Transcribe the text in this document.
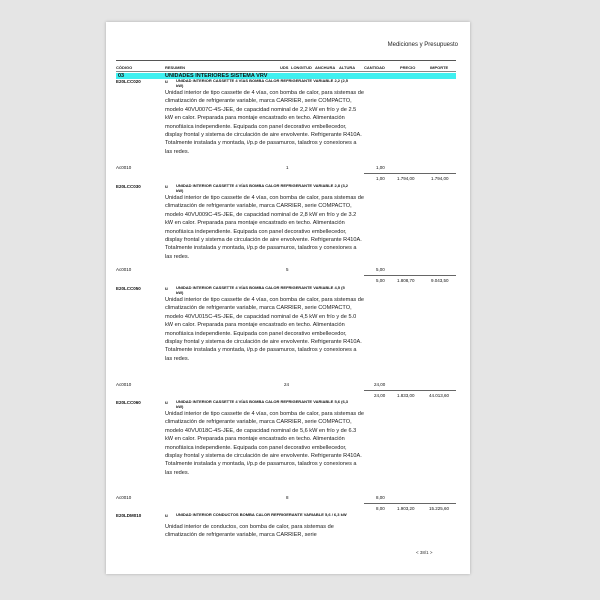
Mediciones y Presupuesto
CÓDIGO	RESUMEN	UDS LONGITUD ANCHURA ALTURA CANTIDAD	PRECIO	IMPORTE
03	UNIDADES INTERIORES SISTEMA VRV
E20LCC020	u UNIDAD INTERIOR CASSETTE 4 VÍAS BOMBA CALOR REFRIGERANTE VARIABLE 2,2 (2,5 kW)
Unidad interior de tipo cassette de 4 vías, con bomba de calor, para sistemas de climatización de refrigerante variable, marca CARRIER, serie COMPACTO, modelo 40VU007C-4S-JEE, de capacidad nominal de 2,2 kW en frío y de 2.5 kW en calor. Preparada para montaje encastrado en techo. Alimentación monofásica independiente. Equipada con panel decorativo embellecedor, display frontal y sistema de circulación de aire envolvente. Refrigerante R410A. Totalmente instalada y montada, i/p.p de pasamuros, taladros y conexiones a las redes.
Ac0010	1	1,00
1,00	1.794,00	1.794,00
E20LCC030	u UNIDAD INTERIOR CASSETTE 4 VÍAS BOMBA CALOR REFRIGERANTE VARIABLE 2,8 (3,2 kW)
Unidad interior de tipo cassette de 4 vías, con bomba de calor, para sistemas de climatización de refrigerante variable, marca CARRIER, serie COMPACTO, modelo 40VU009C-4S-JEE, de capacidad nominal de 2,8 kW en frío y de 3.2 kW en calor. Preparada para montaje encastrado en techo. Alimentación monofásica independiente. Equipada con panel decorativo embellecedor, display frontal y sistema de circulación de aire envolvente. Refrigerante R410A. Totalmente instalada y montada, i/p.p de pasamuros, taladros y conexiones a las redes.
Ac0010	5	5,00
5,00	1.808,70	9.043,50
E20LCC050	u UNIDAD INTERIOR CASSETTE 4 VÍAS BOMBA CALOR REFRIGERANTE VARIABLE 4,5 (5 kW)
Unidad interior de tipo cassette de 4 vías, con bomba de calor, para sistemas de climatización de refrigerante variable, marca CARRIER, serie COMPACTO, modelo 40VU015C-4S-JEE, de capacidad nominal de 4,5 kW en frío y de 5.0 kW en calor. Preparada para montaje encastrado en techo. Alimentación monofásica independiente. Equipada con panel decorativo embellecedor, display frontal y sistema de circulación de aire envolvente. Refrigerante R410A. Totalmente instalada y montada, i/p.p de pasamuros, taladros y conexiones a las redes.
Ac0010	24	24,00
24,00	1.833,00	44.013,60
E20LCC060	u UNIDAD INTERIOR CASSETTE 4 VÍAS BOMBA CALOR REFRIGERANTE VARIABLE 5,6 (6,3 kW)
Unidad interior de tipo cassette de 4 vías, con bomba de calor, para sistemas de climatización de refrigerante variable, marca CARRIER, serie COMPACTO, modelo 40VU018C-4S-JEE, de capacidad nominal de 5,6 kW en frío y de 6.3 kW en calor. Preparada para montaje encastrado en techo. Alimentación monofásica independiente. Equipada con panel decorativo embellecedor, display frontal y sistema de circulación de aire envolvente. Refrigerante R410A. Totalmente instalada y montada, i/p.p de pasamuros, taladros y conexiones a las redes.
Ac0010	8	8,00
8,00	1.903,20	15.225,60
E20LDM010	u UNIDAD INTERIOR CONDUCTOS BOMBA CALOR REFRIGERANTE VARIABLE 5,6 / 6,3 kW
Unidad interior de conductos, con bomba de calor, para sistemas de climatización de refrigerante variable, marca CARRIER, serie
< 38/1 >
